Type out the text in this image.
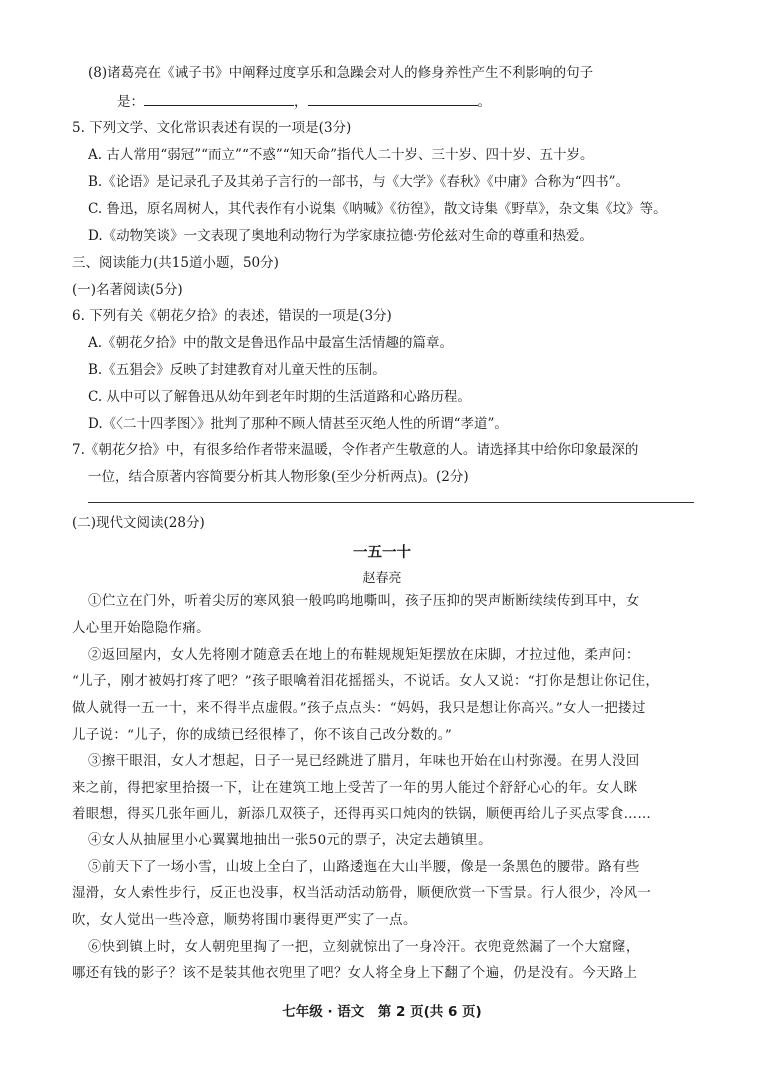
(8)诸葛亮在《诫子书》中阐释过度享乐和急躁会对人的修身养性产生不利影响的句子
是：	，	。
5. 下列文学、文化常识表述有误的一项是(3分)
A. 古人常用“弱冠”“而立”“不惑”“知天命”指代人二十岁、三十岁、四十岁、五十岁。
B.《论语》是记录孔子及其弟子言行的一部书，与《大学》《春秋》《中庸》合称为“四书”。
C. 鲁迅，原名周树人，其代表作有小说集《呐喊》《彷徨》，散文诗集《野草》，杂文集《坟》等。
D.《动物笑谈》一文表现了奥地利动物行为学家康拉德·劳伦兹对生命的尊重和热爱。
三、阅读能力(共15道小题，50分)
(一)名著阅读(5分)
6. 下列有关《朝花夕拾》的表述，错误的一项是(3分)
A.《朝花夕拾》中的散文是鲁迅作品中最富生活情趣的篇章。
B.《五猖会》反映了封建教育对儿童天性的压制。
C. 从中可以了解鲁迅从幼年到老年时期的生活道路和心路历程。
D.《〈二十四孝图〉》批判了那种不顾人情甚至灭绝人性的所谓“孝道”。
7.《朝花夕拾》中，有很多给作者带来温暖，令作者产生敬意的人。请选择其中给你印象最深的
一位，结合原著内容简要分析其人物形象(至少分析两点)。(2分)
(二)现代文阅读(28分)
一五一十
赵春亮
①伫立在门外，听着尖厉的寒风狼一般呜呜地嘶叫，孩子压抑的哭声断断续续传到耳中，女
人心里开始隐隐作痛。
②返回屋内，女人先将刚才随意丢在地上的布鞋规规矩矩摆放在床脚，才拉过他，柔声问：
“儿子，刚才被妈打疼了吧？”孩子眼噙着泪花摇摇头，不说话。女人又说：“打你是想让你记住，
做人就得一五一十，来不得半点虚假。”孩子点点头：“妈妈，我只是想让你高兴。”女人一把搂过
儿子说：“儿子，你的成绩已经很棒了，你不该自己改分数的。”
③擦干眼泪，女人才想起，日子一晃已经跳进了腊月，年味也开始在山村弥漫。在男人没回
来之前，得把家里拾掇一下，让在建筑工地上受苦了一年的男人能过个舒舒心心的年。女人眯
着眼想，得买几张年画儿，新添几双筷子，还得再买口炖肉的铁锅，顺便再给儿子买点零食……
④女人从抽屉里小心翼翼地抽出一张50元的票子，决定去趟镇里。
⑤前天下了一场小雪，山坡上全白了，山路逶迤在大山半腰，像是一条黑色的腰带。路有些
湿滑，女人索性步行，反正也没事，权当活动活动筋骨，顺便欣赏一下雪景。行人很少，冷风一
吹，女人觉出一些冷意，顺势将围巾裹得更严实了一点。
⑥快到镇上时，女人朝兜里掏了一把，立刻就惊出了一身冷汗。衣兜竟然漏了一个大窟窿，
哪还有钱的影子？该不是装其他衣兜里了吧？女人将全身上下翻了个遍，仍是没有。今天路上
七年级 · 语文　第 2 页(共 6 页)
